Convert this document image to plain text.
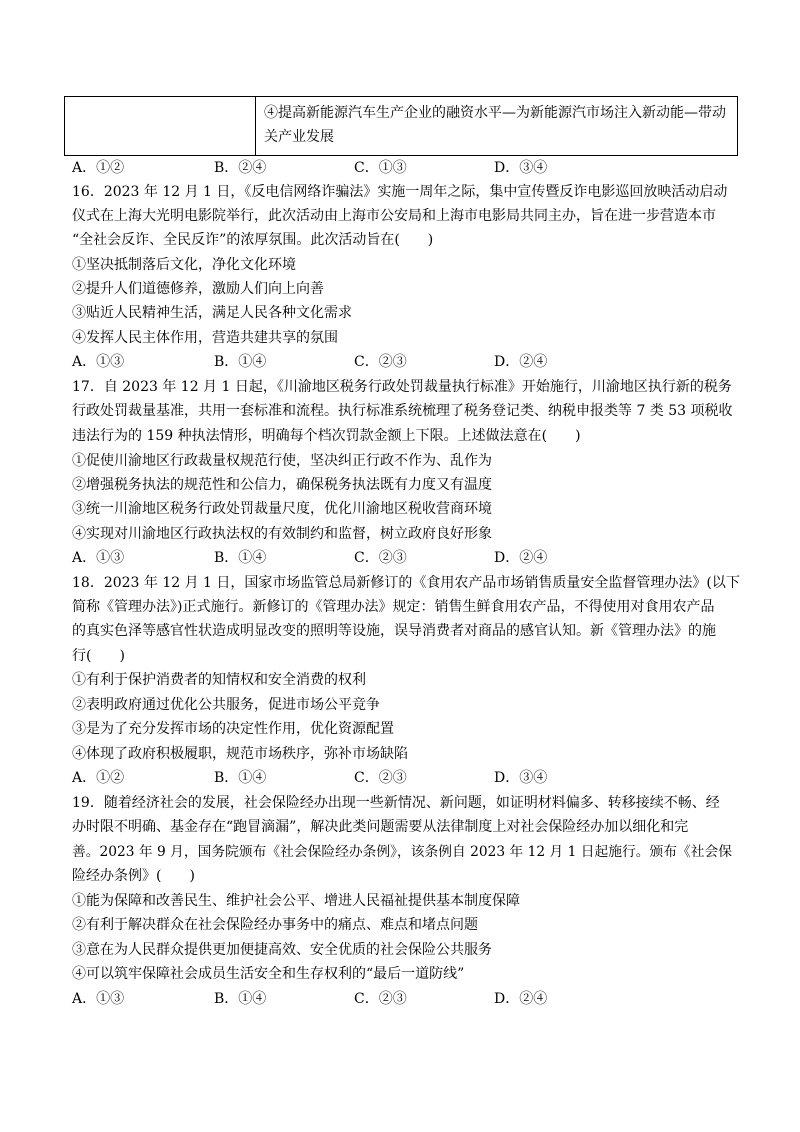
④提高新能源汽车生产企业的融资水平—为新能源汽市场注入新动能—带动
关产业发展
A．①②	B．②④	C．①③	D．③④
16．2023 年 12 月 1 日，《反电信网络诈骗法》实施一周年之际，集中宣传暨反诈电影巡回放映活动启动
仪式在上海大光明电影院举行，此次活动由上海市公安局和上海市电影局共同主办，旨在进一步营造本市
“全社会反诈、全民反诈”的浓厚氛围。此次活动旨在(　　)
①坚决抵制落后文化，净化文化环境
②提升人们道德修养，激励人们向上向善
③贴近人民精神生活，满足人民各种文化需求
④发挥人民主体作用，营造共建共享的氛围
A．①③	B．①④	C．②③	D．②④
17．自 2023 年 12 月 1 日起，《川渝地区税务行政处罚裁量执行标准》开始施行，川渝地区执行新的税务
行政处罚裁量基准，共用一套标准和流程。执行标准系统梳理了税务登记类、纳税申报类等 7 类 53 项税收
违法行为的 159 种执法情形，明确每个档次罚款金额上下限。上述做法意在(　　)
①促使川渝地区行政裁量权规范行使，坚决纠正行政不作为、乱作为
②增强税务执法的规范性和公信力，确保税务执法既有力度又有温度
③统一川渝地区税务行政处罚裁量尺度，优化川渝地区税收营商环境
④实现对川渝地区行政执法权的有效制约和监督，树立政府良好形象
A．①③	B．①④	C．②③	D．②④
18．2023 年 12 月 1 日，国家市场监管总局新修订的《食用农产品市场销售质量安全监督管理办法》(以下
简称《管理办法》)正式施行。新修订的《管理办法》规定：销售生鲜食用农产品，不得使用对食用农产品
的真实色泽等感官性状造成明显改变的照明等设施，误导消费者对商品的感官认知。新《管理办法》的施
行(　　)
①有利于保护消费者的知情权和安全消费的权利
②表明政府通过优化公共服务，促进市场公平竞争
③是为了充分发挥市场的决定性作用，优化资源配置
④体现了政府积极履职，规范市场秩序，弥补市场缺陷
A．①②	B．①④	C．②③	D．③④
19．随着经济社会的发展，社会保险经办出现一些新情况、新问题，如证明材料偏多、转移接续不畅、经
办时限不明确、基金存在“跑冒滴漏”，解决此类问题需要从法律制度上对社会保险经办加以细化和完
善。2023 年 9 月，国务院颁布《社会保险经办条例》，该条例自 2023 年 12 月 1 日起施行。颁布《社会保
险经办条例》(　　)
①能为保障和改善民生、维护社会公平、增进人民福祉提供基本制度保障
②有利于解决群众在社会保险经办事务中的痛点、难点和堵点问题
③意在为人民群众提供更加便捷高效、安全优质的社会保险公共服务
④可以筑牢保障社会成员生活安全和生存权利的“最后一道防线”
A．①③	B．①④	C．②③	D．②④
